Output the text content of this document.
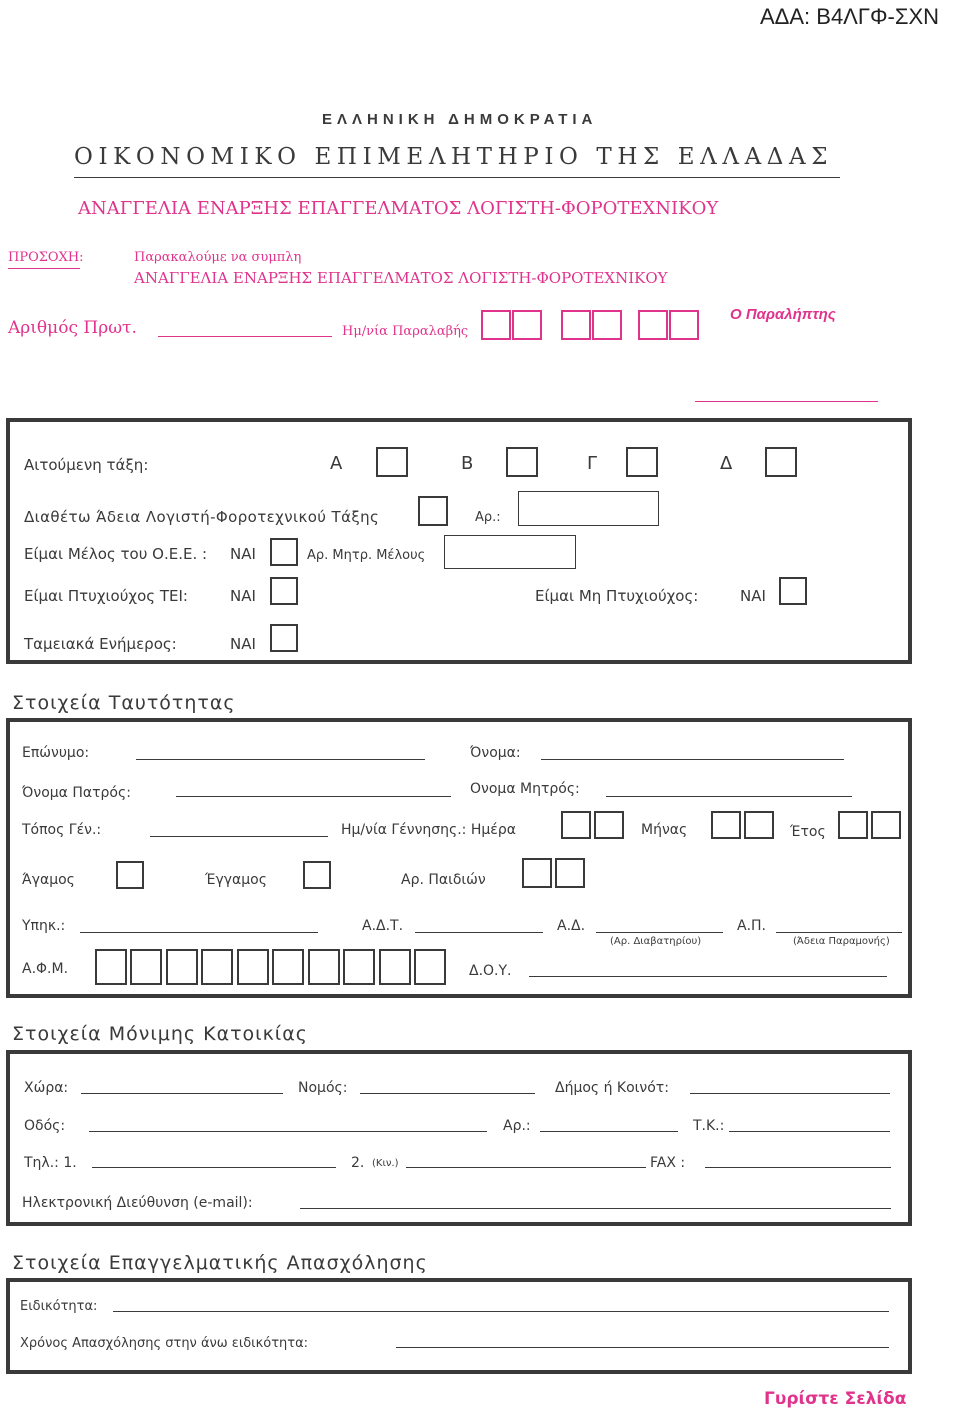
ΑΔΑ: Β4ΛΓΦ-ΣΧΝ
ΕΛΛΗΝΙΚΗ ΔΗΜΟΚΡΑΤΙΑ
ΟΙΚΟΝΟΜΙΚΟ ΕΠΙΜΕΛΗΤΗΡΙΟ ΤΗΣ ΕΛΛΑΔΑΣ
ΑΝΑΓΓΕΛΙΑ ΕΝΑΡΞΗΣ ΕΠΑΓΓΕΛΜΑΤΟΣ ΛΟΓΙΣΤΗ-ΦΟΡΟΤΕΧΝΙΚΟΥ
ΠΡΟΣΟΧΗ:	Παρακαλούμε να συμπλη
ΑΝΑΓΓΕΛΙΑ ΕΝΑΡΞΗΣ ΕΠΑΓΓΕΛΜΑΤΟΣ ΛΟΓΙΣΤΗ-ΦΟΡΟΤΕΧΝΙΚΟΥ
Αριθμός Πρωτ.	Ημ/νία Παραλαβής
Ο Παραλήπτης
Αιτούμενη τάξη:	Α	Β	Γ	Δ
Διαθέτω Άδεια Λογιστή-Φοροτεχνικού Τάξης	Αρ.:
Είμαι Μέλος του Ο.Ε.Ε. : ΝΑΙ	Αρ. Μητρ. Μέλους
Είμαι Πτυχιούχος ΤΕΙ:	ΝΑΙ	Είμαι Μη Πτυχιούχος:	ΝΑΙ
Ταμειακά Ενήμερος:	ΝΑΙ
Στοιχεία Ταυτότητας
Επώνυμο:	Όνομα:
Όνομα Πατρός:	Ονομα Μητρός:
Τόπος Γέν.:	Ημ/νία Γέννησης.: Ημέρα	Μήνας	Έτος
Άγαμος	Έγγαμος	Αρ. Παιδιών
Υπηκ.:	Α.Δ.Τ.	Α.Δ.
(Αρ. Διαβατηρίου)
Α.Π.
(Άδεια Παραμονής)
Α.Φ.Μ.	Δ.Ο.Υ.
Στοιχεία Μόνιμης Κατοικίας
Χώρα:	Νομός:	Δήμος ή Κοινότ:
Οδός:	Αρ.:	Τ.Κ.:
Τηλ.: 1.	2. (Κιν.)	FAX :
Ηλεκτρονική Διεύθυνση (e-mail):
Στοιχεία Επαγγελματικής Απασχόλησης
Ειδικότητα:
Χρόνος Απασχόλησης στην άνω ειδικότητα:
Γυρίστε Σελίδα
